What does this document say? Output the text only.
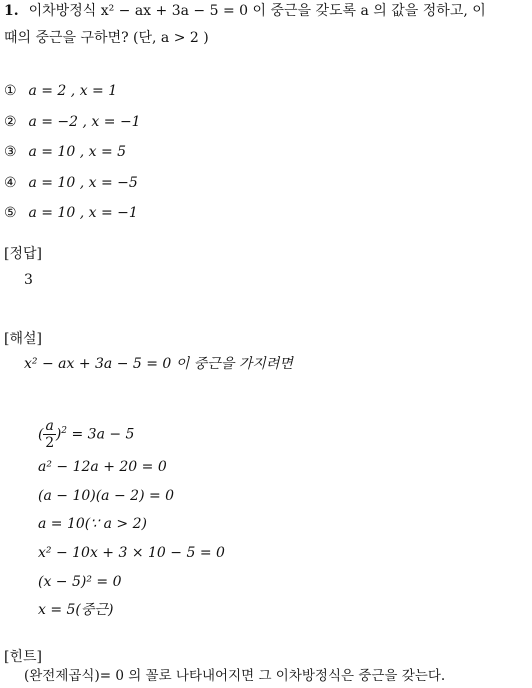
1. 이차방정식 x² − ax + 3a − 5 = 0 이 중근을 갖도록 a 의 값을 정하고, 이
때의 중근을 구하면? (단, a > 2 )
① a = 2 , x = 1
② a = −2 , x = −1
③ a = 10 , x = 5
④ a = 10 , x = −5
⑤ a = 10 , x = −1
[정답]
3
[해설]
x² − ax + 3a − 5 = 0 이 중근을 가지려면
( $\frac{a}{2} )^2 = 3a - 5$
a² − 12a + 20 = 0
(a − 10)(a − 2) = 0
a = 10(∵ a > 2)
x² − 10x + 3 × 10 − 5 = 0
(x − 5)² = 0
x = 5(중근)
[힌트]
(완전제곱식)= 0 의 꼴로 나타내어지면 그 이차방정식은 중근을 갖는다.
